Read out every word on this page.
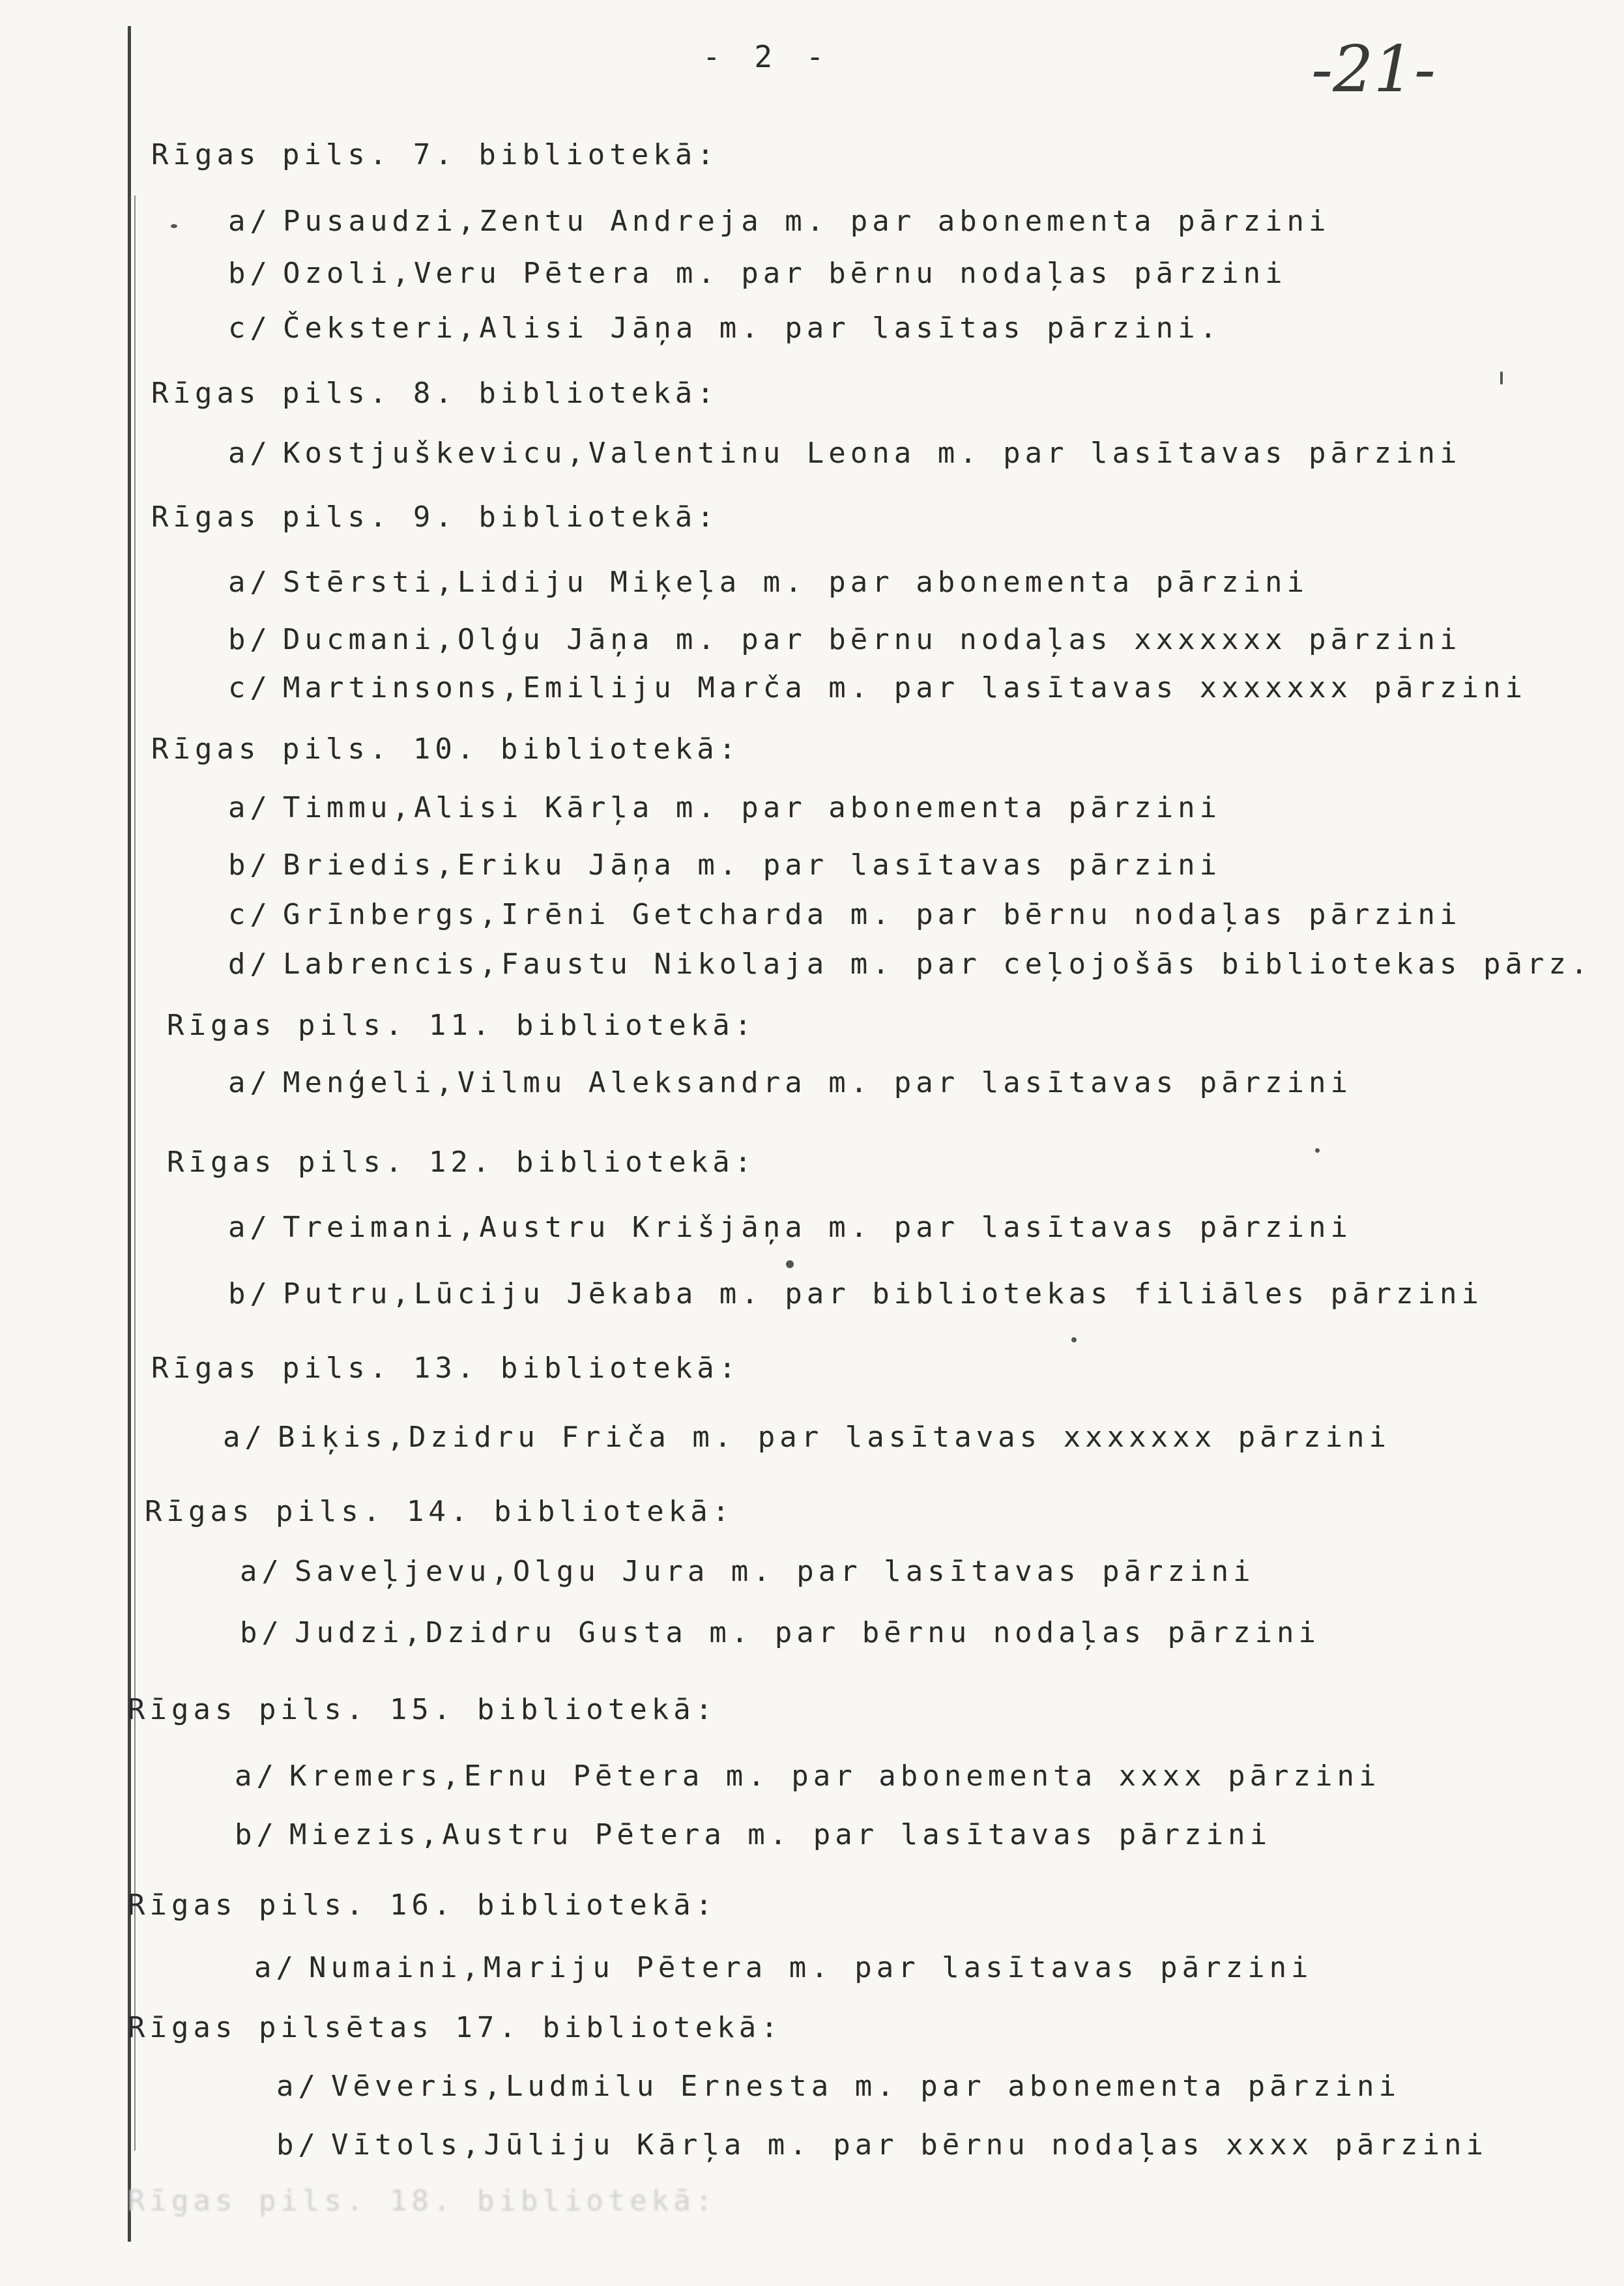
- 2 -	-21-
Rīgas pils. 7. bibliotekā:
a/ Pusaudzi,Zentu Andreja m. par abonementa pārzini
b/ Ozoli,Veru Pētera m. par bērnu nodaļas pārzini
c/ Čeksteri,Alisi Jāņa m. par lasītas pārzini.
Rīgas pils. 8. bibliotekā:
a/ Kostjuškevicu,Valentinu Leona m. par lasītavas pārzini
Rīgas pils. 9. bibliotekā:
a/ Stērsti,Lidiju Miķeļa m. par abonementa pārzini
b/ Ducmani,Olģu Jāņa m. par bērnu nodaļas xxxxxxx pārzini
c/ Martinsons,Emiliju Marča m. par lasītavas xxxxxxx pārzini
Rīgas pils. 10. bibliotekā:
a/ Timmu,Alisi Kārļa m. par abonementa pārzini
b/ Briedis,Eriku Jāņa m. par lasītavas pārzini
c/ Grīnbergs,Irēni Getcharda m. par bērnu nodaļas pārzini
d/ Labrencis,Faustu Nikolaja m. par ceļojošās bibliotekas pārz.
Rīgas pils. 11. bibliotekā:
a/ Menģeli,Vilmu Aleksandra m. par lasītavas pārzini
Rīgas pils. 12. bibliotekā:
a/ Treimani,Austru Krišjāņa m. par lasītavas pārzini
b/ Putru,Lūciju Jēkaba m. par bibliotekas filiāles pārzini
Rīgas pils. 13. bibliotekā:
a/ Biķis,Dzidru Friča m. par lasītavas xxxxxxx pārzini
Rīgas pils. 14. bibliotekā:
a/ Saveļjevu,Olgu Jura m. par lasītavas pārzini
b/ Judzi,Dzidru Gusta m. par bērnu nodaļas pārzini
Rīgas pils. 15. bibliotekā:
a/ Kremers,Ernu Pētera m. par abonementa xxxx pārzini
b/ Miezis,Austru Pētera m. par lasītavas pārzini
Rīgas pils. 16. bibliotekā:
a/ Numaini,Mariju Pētera m. par lasītavas pārzini
Rīgas pilsētas 17. bibliotekā:
a/ Vēveris,Ludmilu Ernesta m. par abonementa pārzini
b/ Vītols,Jūliju Kārļa m. par bērnu nodaļas xxxx pārzini
Rīgas pils. 18. bibliotekā:
